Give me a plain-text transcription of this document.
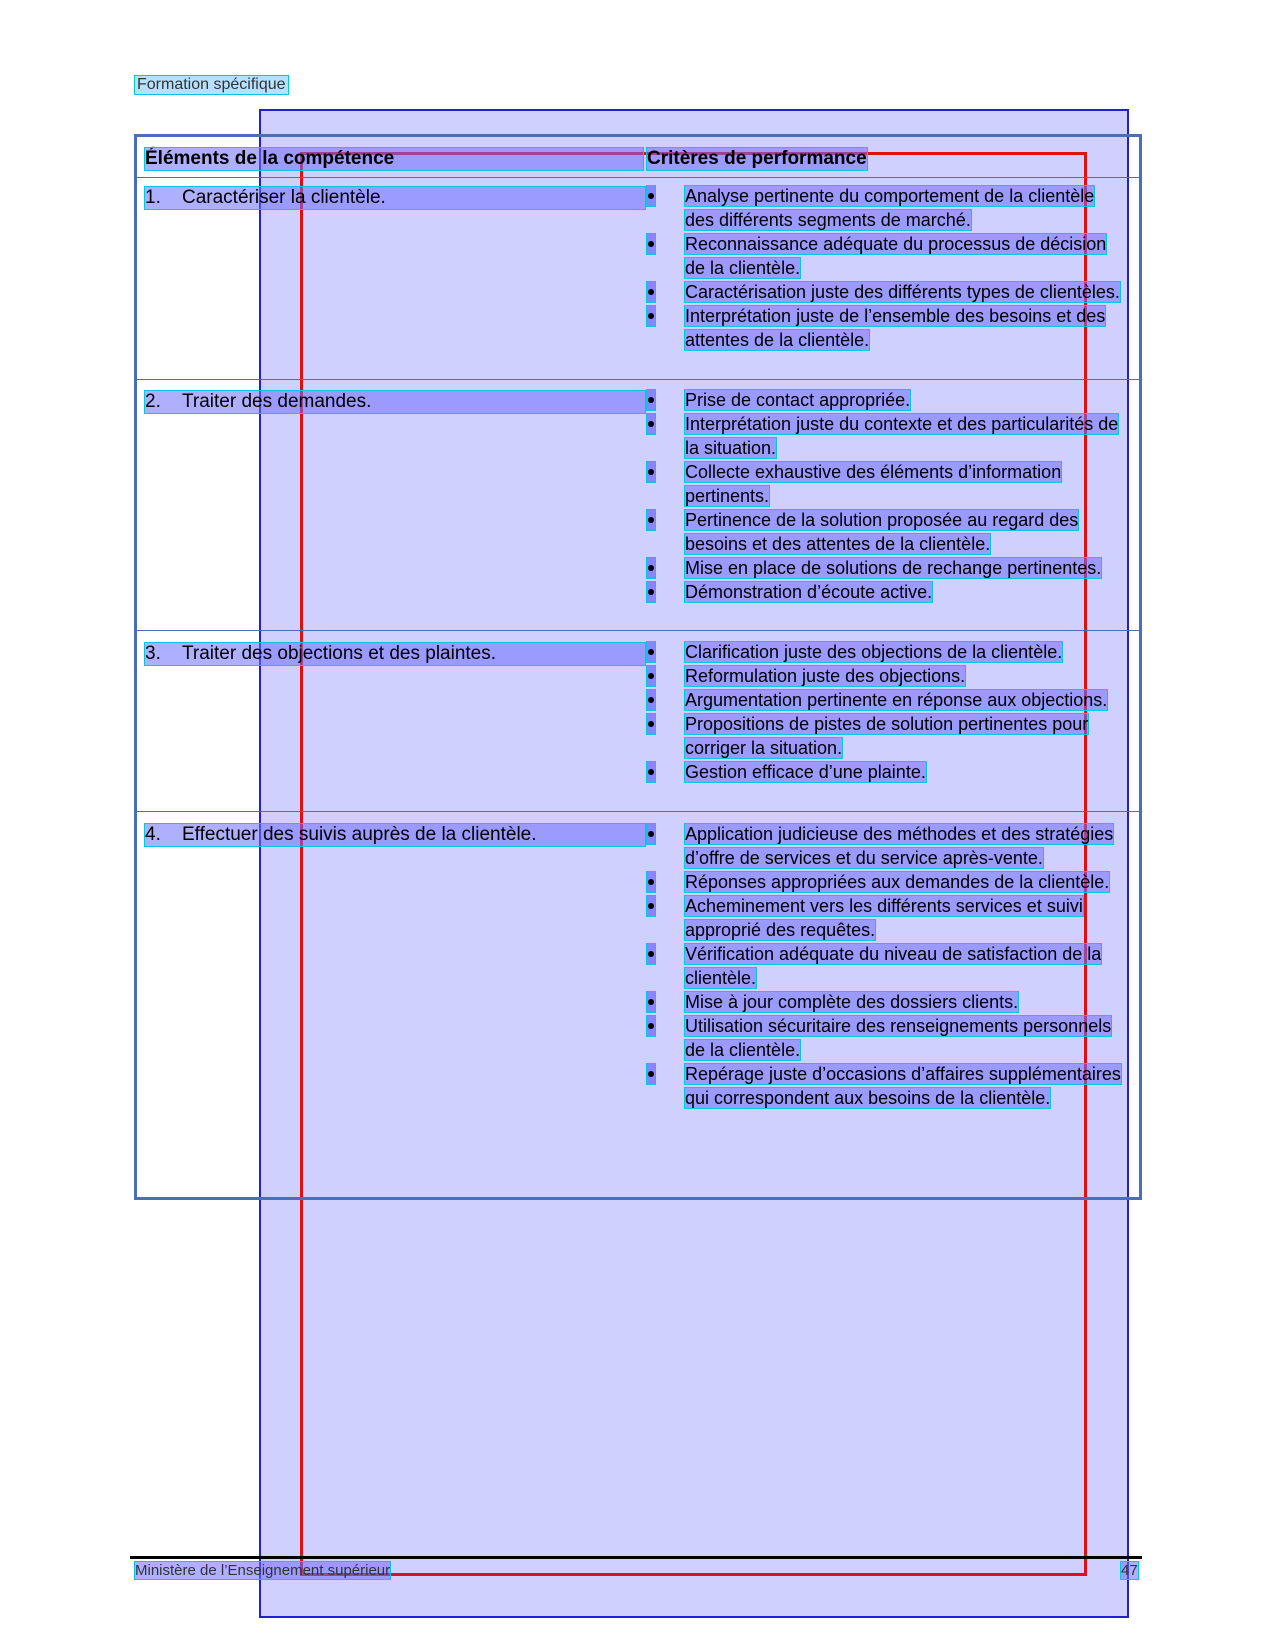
Formation spécifique
Éléments de la compétence	Critères de performance
1. Caractériser la clientèle.	Analyse pertinente du comportement de la clientèle des différents segments de marché.
Reconnaissance adéquate du processus de décision de la clientèle.
Caractérisation juste des différents types de clientèles.
Interprétation juste de l’ensemble des besoins et des attentes de la clientèle.
2. Traiter des demandes.	Prise de contact appropriée.
Interprétation juste du contexte et des particularités de la situation.
Collecte exhaustive des éléments d’information pertinents.
Pertinence de la solution proposée au regard des besoins et des attentes de la clientèle.
Mise en place de solutions de rechange pertinentes.
Démonstration d’écoute active.
3. Traiter des objections et des plaintes.	Clarification juste des objections de la clientèle.
Reformulation juste des objections.
Argumentation pertinente en réponse aux objections.
Propositions de pistes de solution pertinentes pour corriger la situation.
Gestion efficace d’une plainte.
4. Effectuer des suivis auprès de la clientèle.	Application judicieuse des méthodes et des stratégies d’offre de services et du service après-vente.
Réponses appropriées aux demandes de la clientèle.
Acheminement vers les différents services et suivi approprié des requêtes.
Vérification adéquate du niveau de satisfaction de la clientèle.
Mise à jour complète des dossiers clients.
Utilisation sécuritaire des renseignements personnels de la clientèle.
Repérage juste d’occasions d’affaires supplémentaires qui correspondent aux besoins de la clientèle.
Ministère de l’Enseignement supérieur	47
